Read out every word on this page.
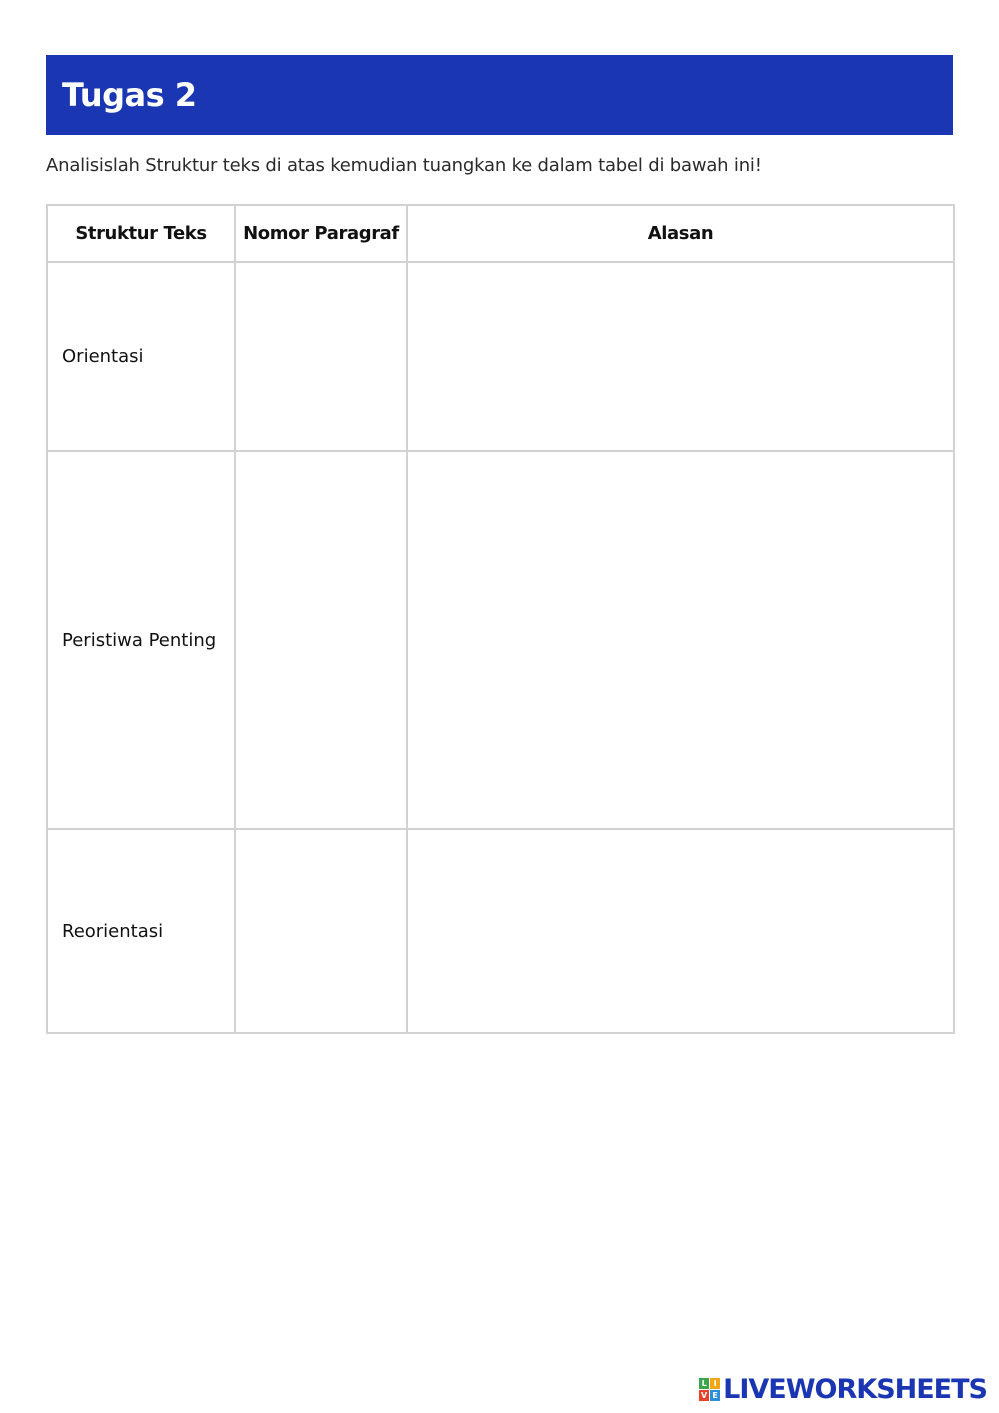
Tugas 2
Analisislah Struktur teks di atas kemudian tuangkan ke dalam tabel di bawah ini!
Struktur Teks	Nomor Paragraf	Alasan
Orientasi		
Peristiwa Penting		
Reorientasi		
L I
V E LIVEWORKSHEETS
